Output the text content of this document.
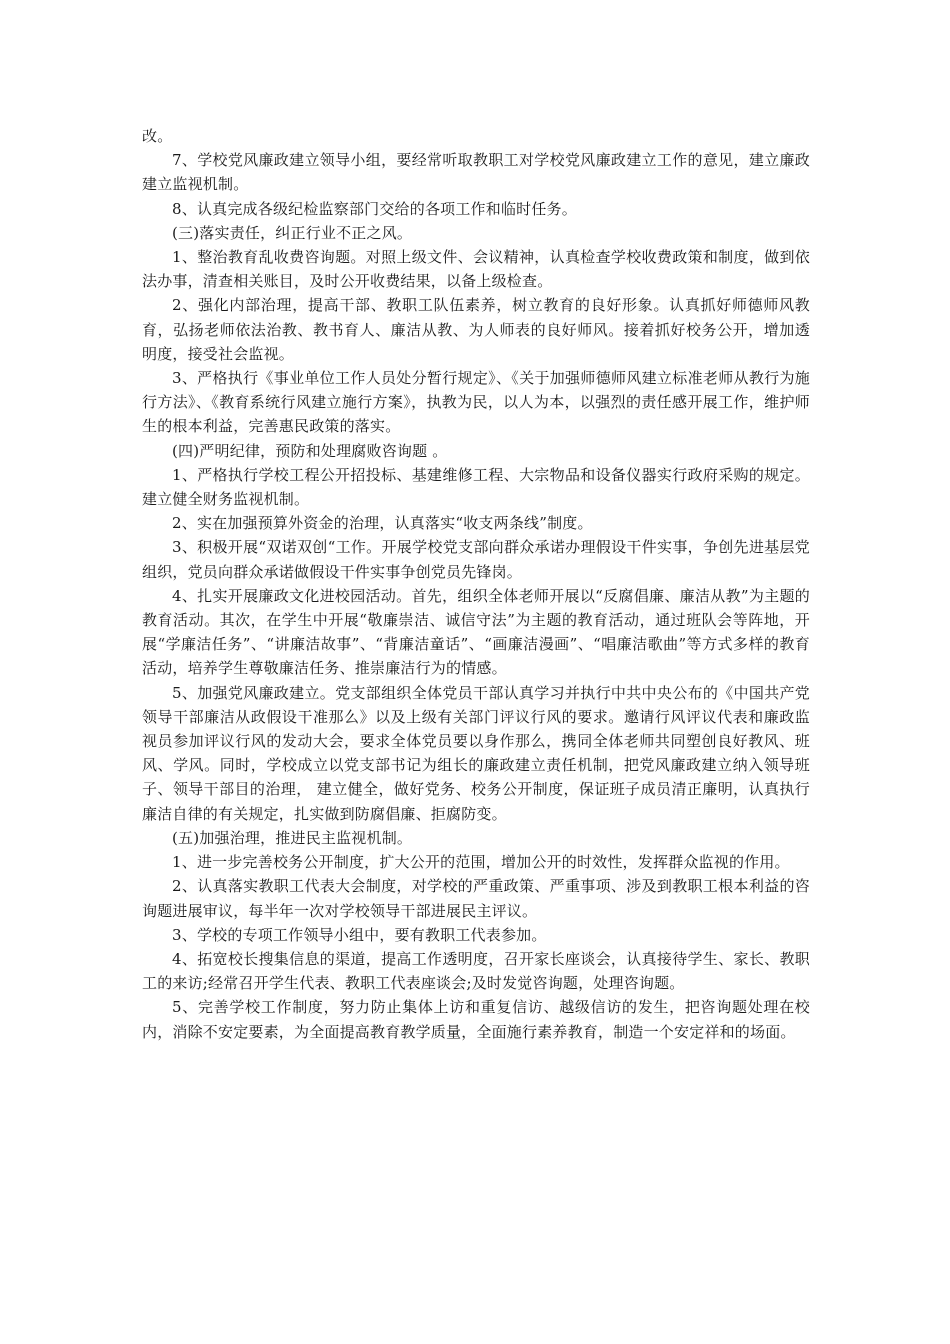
改。

7、学校党风廉政建立领导小组，要经常听取教职工对学校党风廉政建立工作的意见，建立廉政建立监视机制。

8、认真完成各级纪检监察部门交给的各项工作和临时任务。

(三)落实责任，纠正行业不正之风。

1、整治教育乱收费咨询题。对照上级文件、会议精神，认真检查学校收费政策和制度，做到依法办事，清查相关账目，及时公开收费结果，以备上级检查。

2、强化内部治理，提高干部、教职工队伍素养，树立教育的良好形象。认真抓好师德师风教育，弘扬老师依法治教、教书育人、廉洁从教、为人师表的良好师风。接着抓好校务公开，增加透明度，接受社会监视。

3、严格执行《事业单位工作人员处分暂行规定》、《关于加强师德师风建立标准老师从教行为施行方法》、《教育系统行风建立施行方案》，执教为民，以人为本，以强烈的责任感开展工作，维护师生的根本利益，完善惠民政策的落实。

(四)严明纪律，预防和处理腐败咨询题 。

1、严格执行学校工程公开招投标、基建维修工程、大宗物品和设备仪器实行政府采购的规定。建立健全财务监视机制。

2、实在加强预算外资金的治理，认真落实“收支两条线”制度。

3、积极开展“双诺双创“工作。开展学校党支部向群众承诺办理假设干件实事，争创先进基层党组织，党员向群众承诺做假设干件实事争创党员先锋岗。

4、扎实开展廉政文化进校园活动。首先，组织全体老师开展以“反腐倡廉、廉洁从教”为主题的教育活动。其次，在学生中开展“敬廉崇洁、诚信守法”为主题的教育活动，通过班队会等阵地，开展“学廉洁任务”、“讲廉洁故事”、“背廉洁童话”、“画廉洁漫画”、“唱廉洁歌曲”等方式多样的教育活动，培养学生尊敬廉洁任务、推崇廉洁行为的情感。

5、加强党风廉政建立。党支部组织全体党员干部认真学习并执行中共中央公布的《中国共产党领导干部廉洁从政假设干准那么》以及上级有关部门评议行风的要求。邀请行风评议代表和廉政监视员参加评议行风的发动大会，要求全体党员要以身作那么，携同全体老师共同塑创良好教风、班风、学风。同时，学校成立以党支部书记为组长的廉政建立责任机制，把党风廉政建立纳入领导班子、领导干部目的治理， 建立健全，做好党务、校务公开制度，保证班子成员清正廉明，认真执行廉洁自律的有关规定，扎实做到防腐倡廉、拒腐防变。

(五)加强治理，推进民主监视机制。

1、进一步完善校务公开制度，扩大公开的范围，增加公开的时效性，发挥群众监视的作用。

2、认真落实教职工代表大会制度，对学校的严重政策、严重事项、涉及到教职工根本利益的咨询题进展审议，每半年一次对学校领导干部进展民主评议。

3、学校的专项工作领导小组中，要有教职工代表参加。

4、拓宽校长搜集信息的渠道，提高工作透明度，召开家长座谈会，认真接待学生、家长、教职工的来访;经常召开学生代表、教职工代表座谈会;及时发觉咨询题，处理咨询题。

5、完善学校工作制度，努力防止集体上访和重复信访、越级信访的发生，把咨询题处理在校内，消除不安定要素，为全面提高教育教学质量，全面施行素养教育，制造一个安定祥和的场面。
